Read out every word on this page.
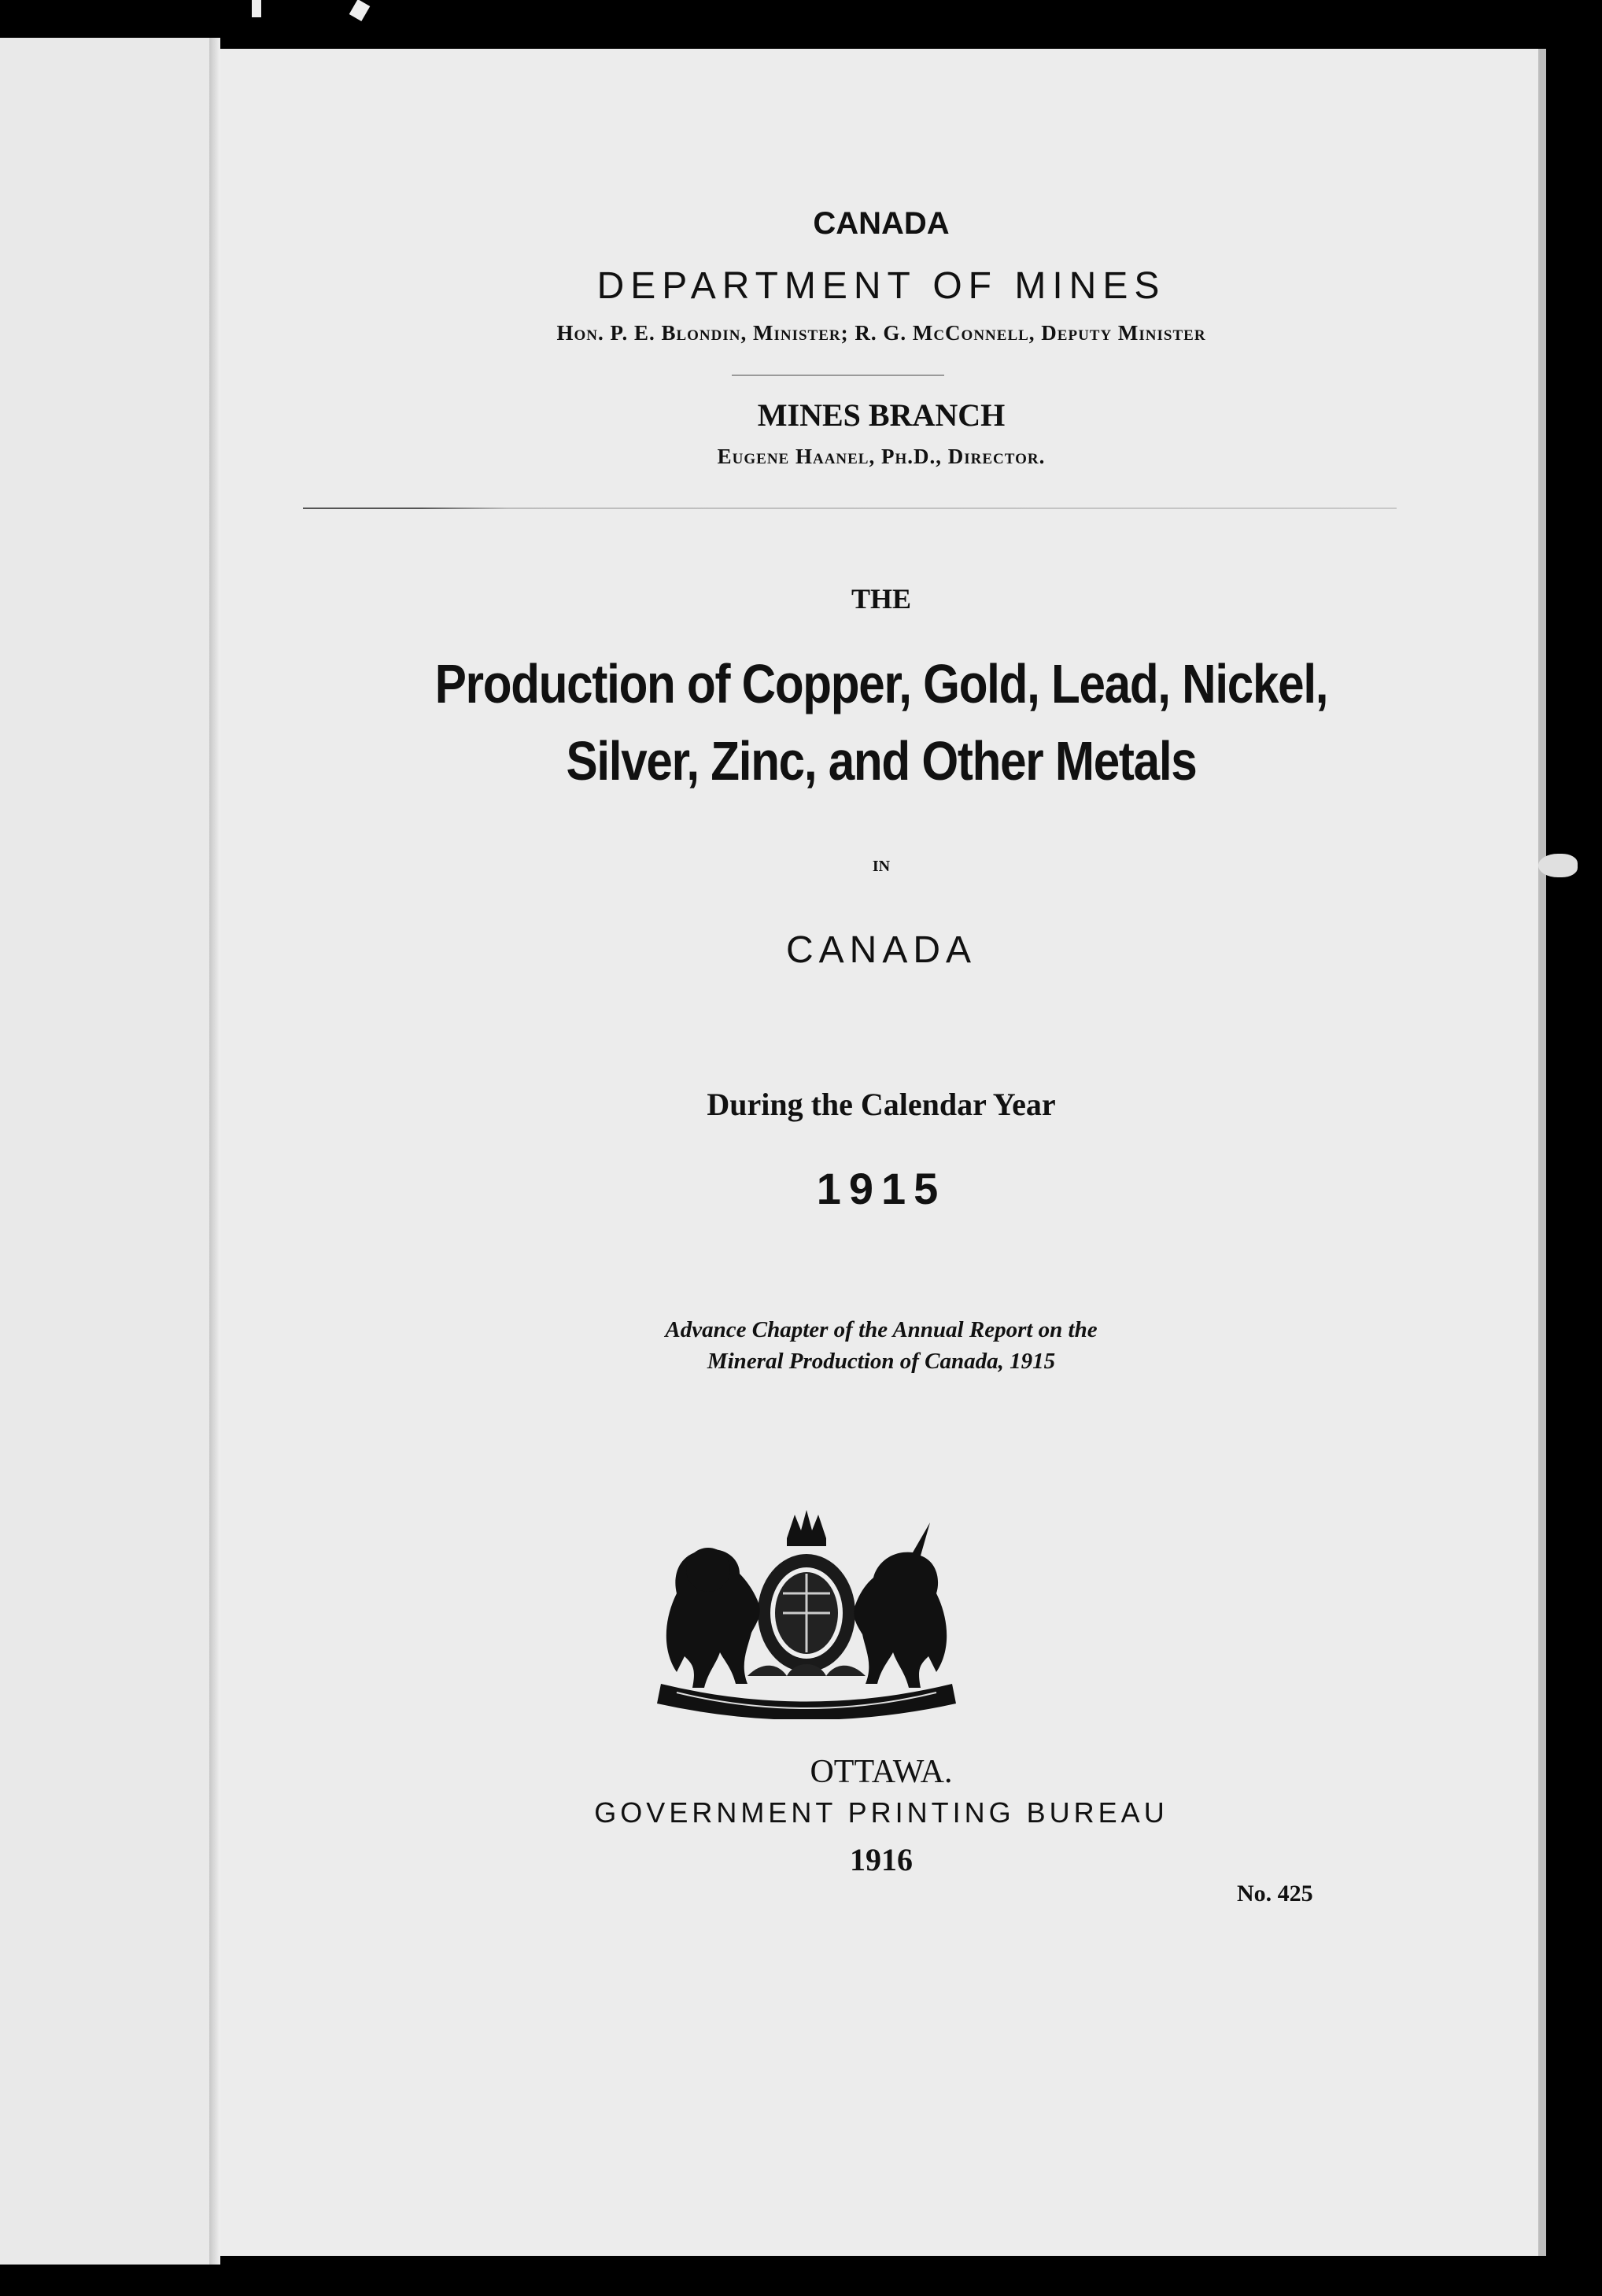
CANADA
DEPARTMENT OF MINES
Hon. P. E. Blondin, Minister; R. G. McConnell, Deputy Minister
MINES BRANCH
Eugene Haanel, Ph.D., Director.
THE
Production of Copper, Gold, Lead, Nickel,
Silver, Zinc, and Other Metals
IN
CANADA
During the Calendar Year
1915
Advance Chapter of the Annual Report on the
Mineral Production of Canada, 1915
OTTAWA.
GOVERNMENT PRINTING BUREAU
1916
No. 425
